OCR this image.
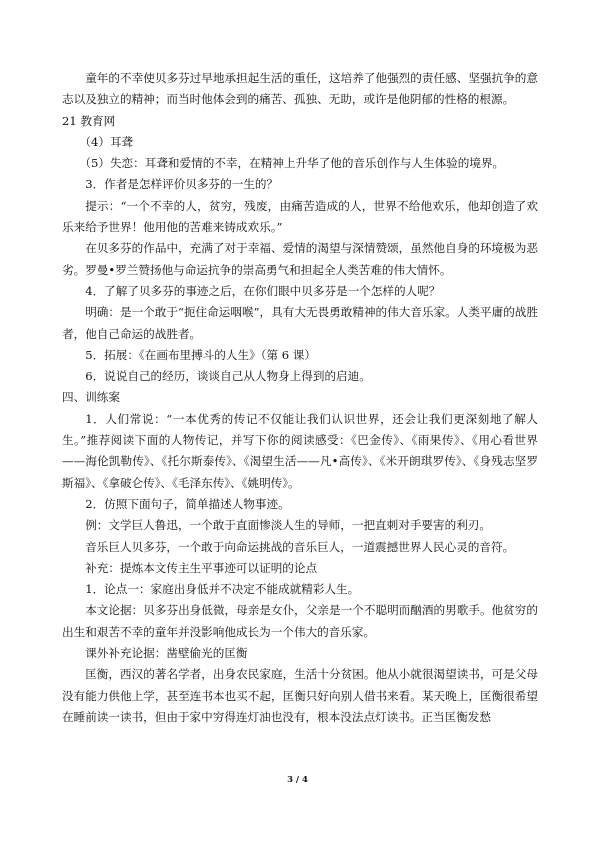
童年的不幸使贝多芬过早地承担起生活的重任，这培养了他强烈的责任感、坚强抗争的意志以及独立的精神；而当时他体会到的痛苦、孤独、无助，或许是他阴郁的性格的根源。

21 教育网

（4）耳聋

（5）失恋：耳聋和爱情的不幸，在精神上升华了他的音乐创作与人生体验的境界。

3．作者是怎样评价贝多芬的一生的？

提示：“一个不幸的人，贫穷，残废，由痛苦造成的人，世界不给他欢乐，他却创造了欢乐来给予世界！他用他的苦难来铸成欢乐。”

在贝多芬的作品中，充满了对于幸福、爱情的渴望与深情赞颂，虽然他自身的环境极为恶劣。罗曼•罗兰赞扬他与命运抗争的崇高勇气和担起全人类苦难的伟大情怀。

4．了解了贝多芬的事迹之后，在你们眼中贝多芬是一个怎样的人呢？

明确：是一个敢于“扼住命运咽喉”，具有大无畏勇敢精神的伟大音乐家。人类平庸的战胜者，他自己命运的战胜者。

5．拓展：《在画布里搏斗的人生》（第 6 课）

6．说说自己的经历，谈谈自己从人物身上得到的启迪。

四、训练案

1．人们常说：“一本优秀的传记不仅能让我们认识世界，还会让我们更深刻地了解人生。”推荐阅读下面的人物传记，并写下你的阅读感受：《巴金传》、《雨果传》、《用心看世界——海伦凯勒传》、《托尔斯泰传》、《渴望生活——凡•高传》、《米开朗琪罗传》、《身残志坚罗斯福》、《拿破仑传》、《毛泽东传》、《姚明传》。

2．仿照下面句子，简单描述人物事迹。

例：文学巨人鲁迅，一个敢于直面惨淡人生的导师，一把直刺对手要害的利刃。

音乐巨人贝多芬，一个敢于向命运挑战的音乐巨人，一道震撼世界人民心灵的音符。

补充：提炼本文传主生平事迹可以证明的论点

1．论点一：家庭出身低并不决定不能成就精彩人生。

本文论据：贝多芬出身低微，母亲是女仆，父亲是一个不聪明而酗酒的男歌手。他贫穷的出生和艰苦不幸的童年并没影响他成长为一个伟大的音乐家。

课外补充论据：凿壁偷光的匡衡

匡衡，西汉的著名学者，出身农民家庭，生活十分贫困。他从小就很渴望读书，可是父母没有能力供他上学，甚至连书本也买不起，匡衡只好向别人借书来看。某天晚上，匡衡很希望在睡前读一读书，但由于家中穷得连灯油也没有，根本没法点灯读书。正当匡衡发愁

3 / 4
